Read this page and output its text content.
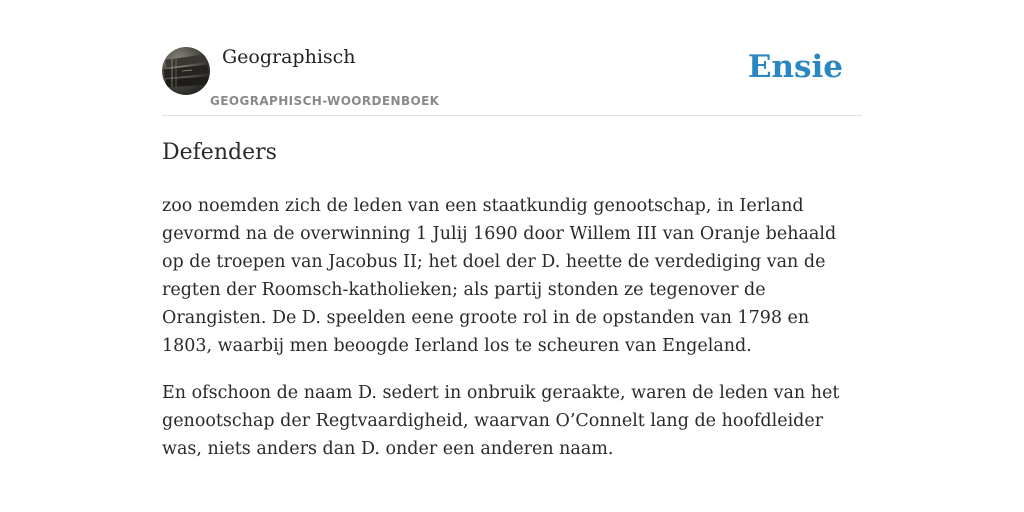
Geographisch
GEOGRAPHISCH-WOORDENBOEK
Ensie
Defenders

zoo noemden zich de leden van een staatkundig genootschap, in Ierland gevormd na de overwinning 1 Julij 1690 door Willem III van Oranje behaald op de troepen van Jacobus II; het doel der D. heette de verdediging van de regten der Roomsch-katholieken; als partij stonden ze tegenover de Orangisten. De D. speelden eene groote rol in de opstanden van 1798 en 1803, waarbij men beoogde Ierland los te scheuren van Engeland.

En ofschoon de naam D. sedert in onbruik geraakte, waren de leden van het genootschap der Regtvaardigheid, waarvan O’Connelt lang de hoofdleider was, niets anders dan D. onder een anderen naam.
